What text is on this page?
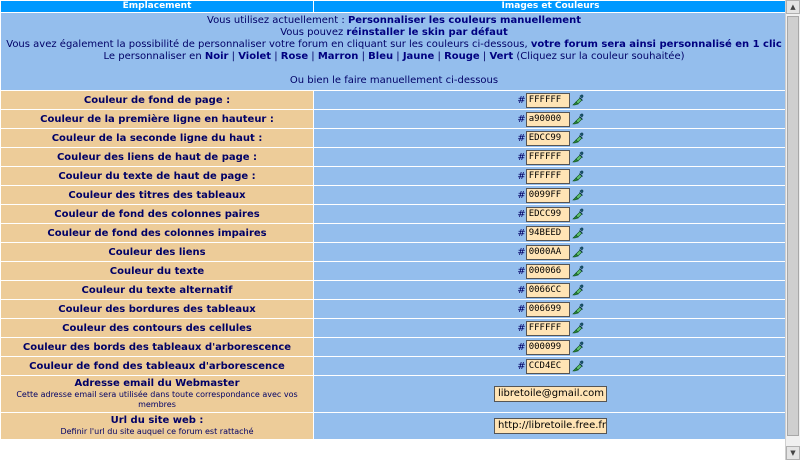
Emplacement	Images et Couleurs

Vous utilisez actuellement : Personnaliser les couleurs manuellement
Vous pouvez réinstaller le skin par défaut
Vous avez également la possibilité de personnaliser votre forum en cliquant sur les couleurs ci-dessous, votre forum sera ainsi personnalisé en 1 clic
Le personnaliser en Noir | Violet | Rose | Marron | Bleu | Jaune | Rouge | Vert (Cliquez sur la couleur souhaitée)
Ou bien le faire manuellement ci-dessous	

Couleur de fond de page :	# FFFFFF
Couleur de la première ligne en hauteur :	# a90000
Couleur de la seconde ligne du haut :	# EDCC99
Couleur des liens de haut de page :	# FFFFFF
Couleur du texte de haut de page :	# FFFFFF
Couleur des titres des tableaux	# 0099FF
Couleur de fond des colonnes paires	# EDCC99
Couleur de fond des colonnes impaires	# 94BEED
Couleur des liens	# 0000AA
Couleur du texte	# 000066
Couleur du texte alternatif	# 0066CC
Couleur des bordures des tableaux	# 006699
Couleur des contours des cellules	# FFFFFF
Couleur des bords des tableaux d'arborescence	# 000099
Couleur de fond des tableaux d'arborescence	# CCD4EC

Adresse email du Webmaster
Cette adresse email sera utilisée dans toute correspondance avec vos membres	libretoile@gmail.com

Url du site web :
Definir l'url du site auquel ce forum est rattaché	http://libretoile.free.fr
▲
▼
